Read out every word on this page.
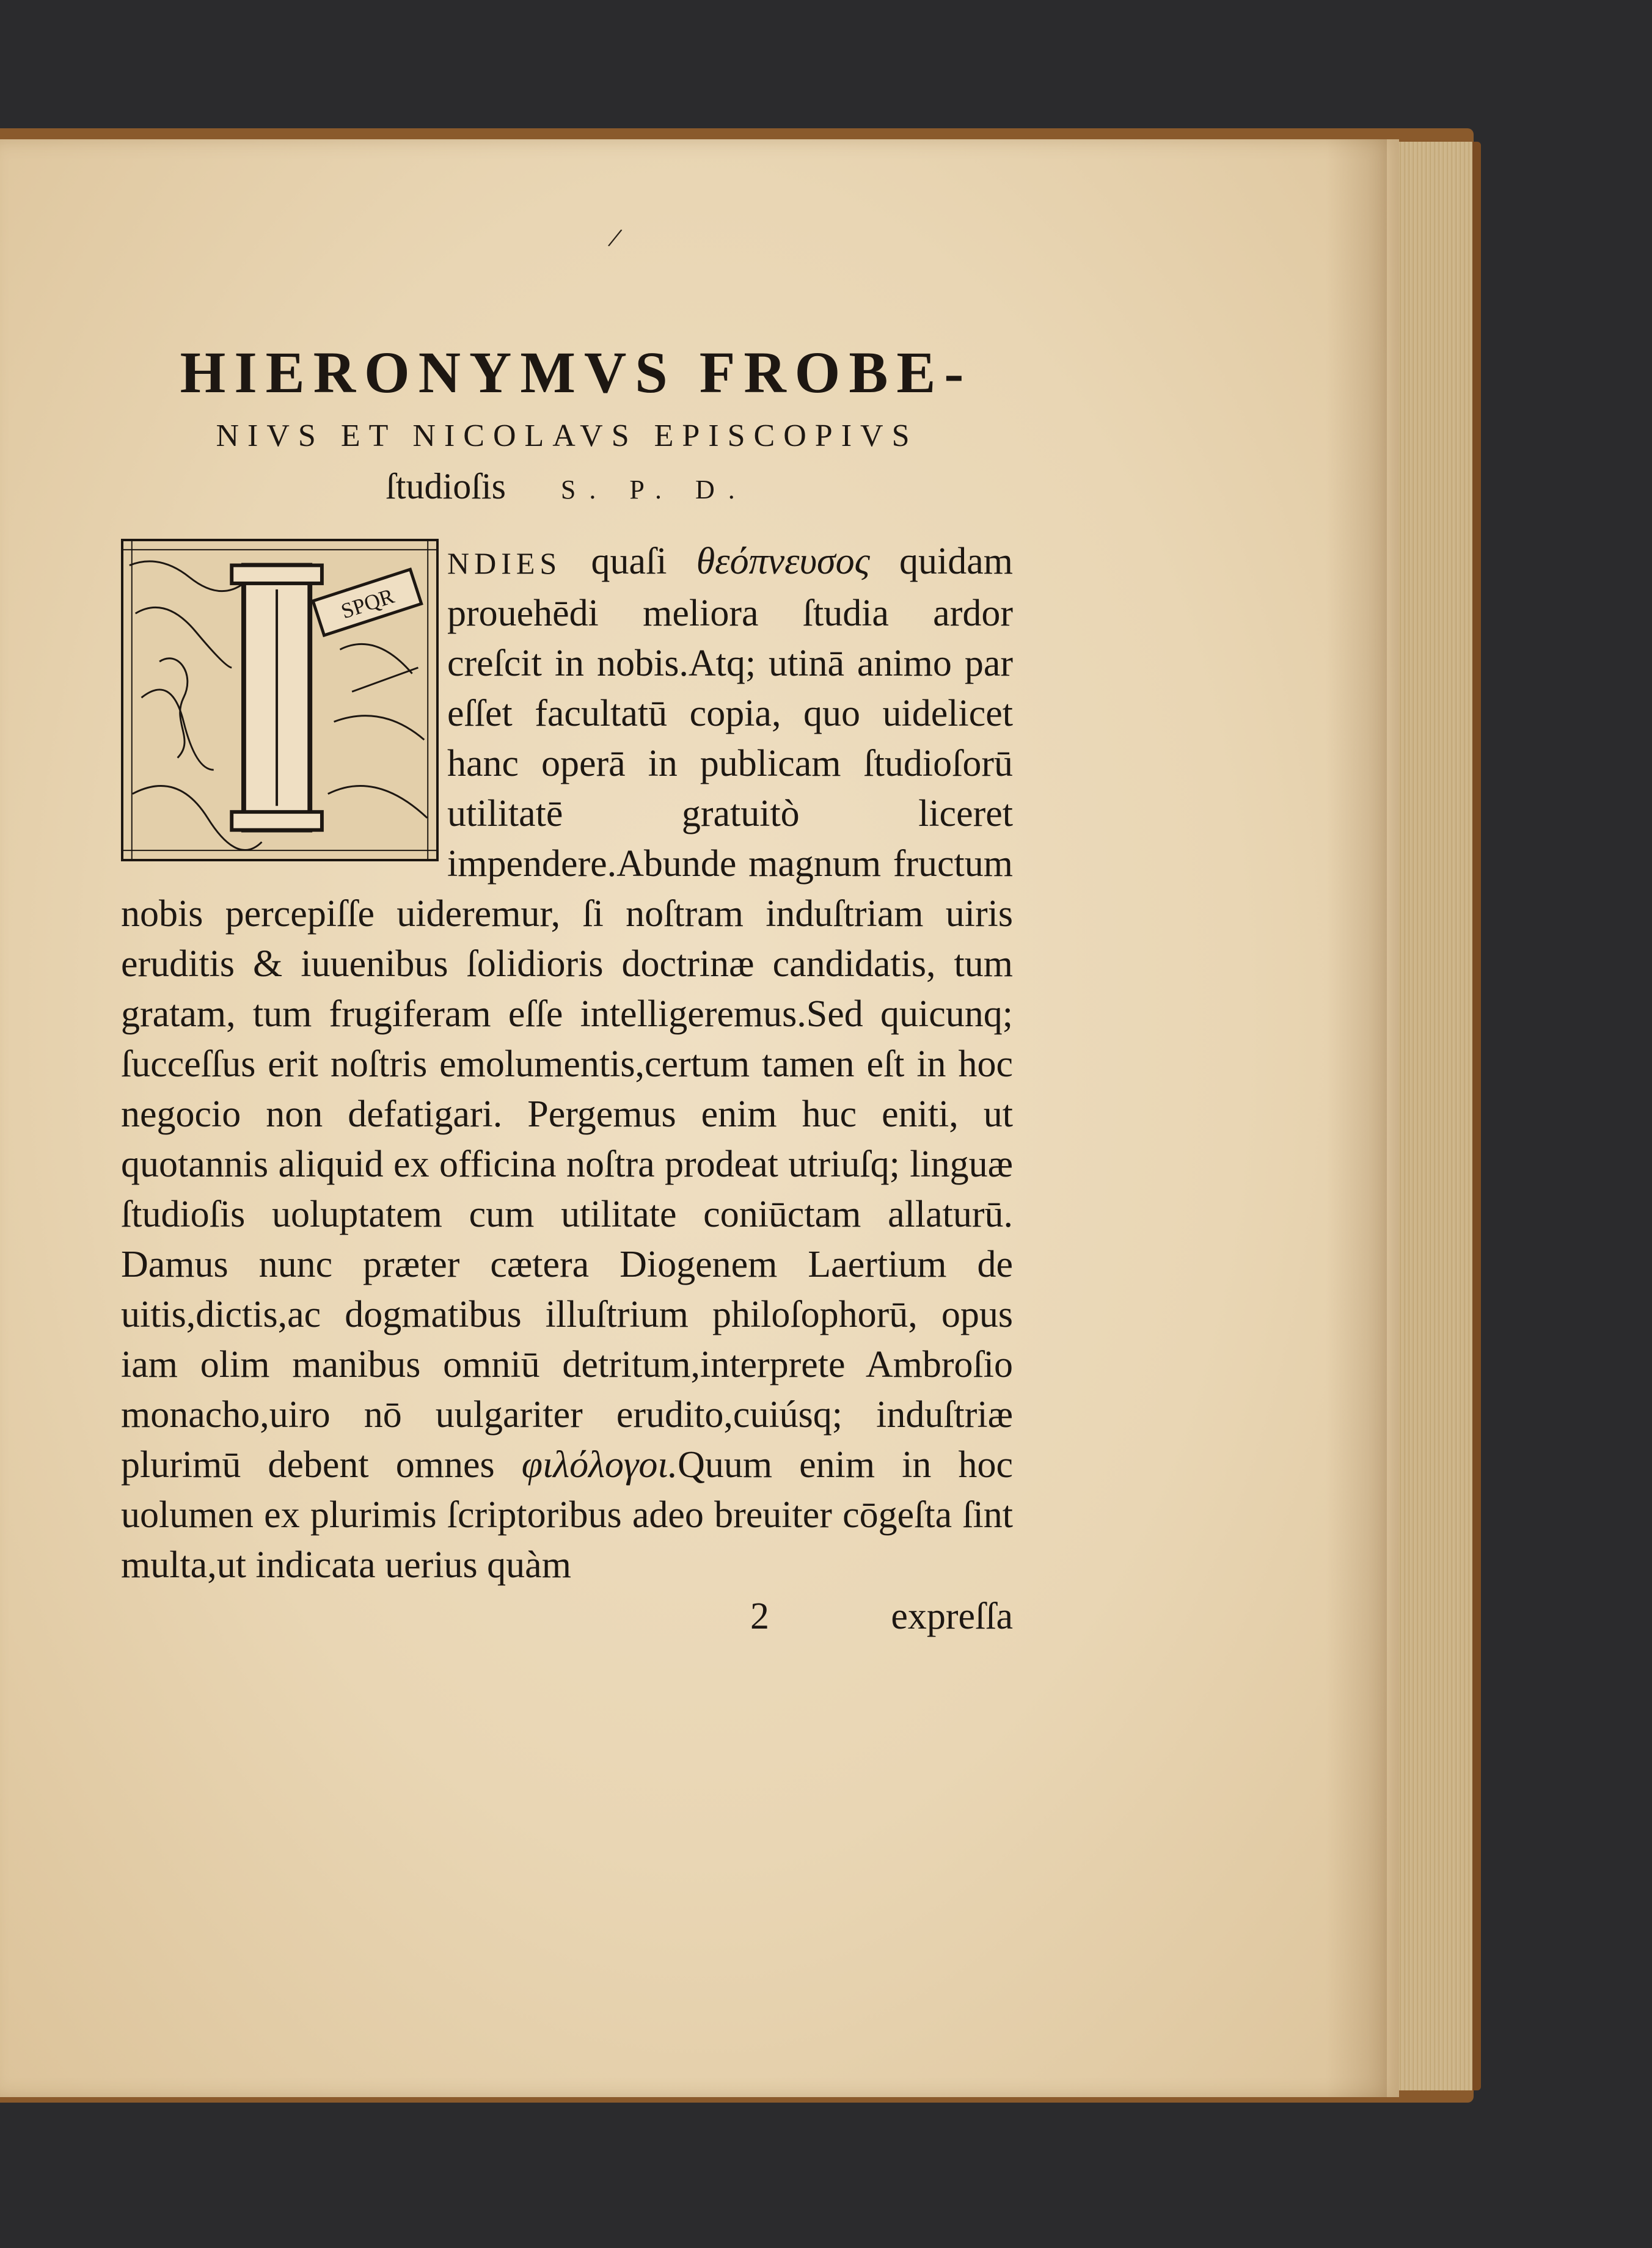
/
HIERONYMVS FROBE-
NIVS ET NICOLAVS EPISCOPIVS
ſtudioſis S. P. D.
SPQR

NDIES quaſi θεόπνευσος quidam prouehēdi meliora ſtudia ardor creſcit in nobis.Atq; utinā animo par eſſet facultatū copia, quo uidelicet hanc operā in publicam ſtudioſorū utilitatē gratuitò liceret impendere.Abunde magnum fructum nobis percepiſſe uideremur, ſi noſtram induſtriam uiris eruditis & iuuenibus ſolidioris doctrinæ candidatis, tum gratam, tum frugiferam eſſe intelligeremus.Sed quicunq; ſucceſſus erit noſtris emolumentis,certum tamen eſt in hoc negocio non defatigari. Pergemus enim huc eniti, ut quotannis aliquid ex officina noſtra prodeat utriuſq; linguæ ſtudioſis uoluptatem cum utilitate coniūctam allaturū. Damus nunc præter cætera Diogenem Laertium de uitis,dictis,ac dogmatibus illuſtrium philoſophorū, opus iam olim manibus omniū detritum,interprete Ambroſio monacho,uiro nō uulgariter erudito,cuiúsq; induſtriæ plurimū debent omnes φιλόλογοι.Quum enim in hoc uolumen ex plurimis ſcriptoribus adeo breuiter cōgeſta ſint multa,ut indicata uerius quàm

2	expreſſa
